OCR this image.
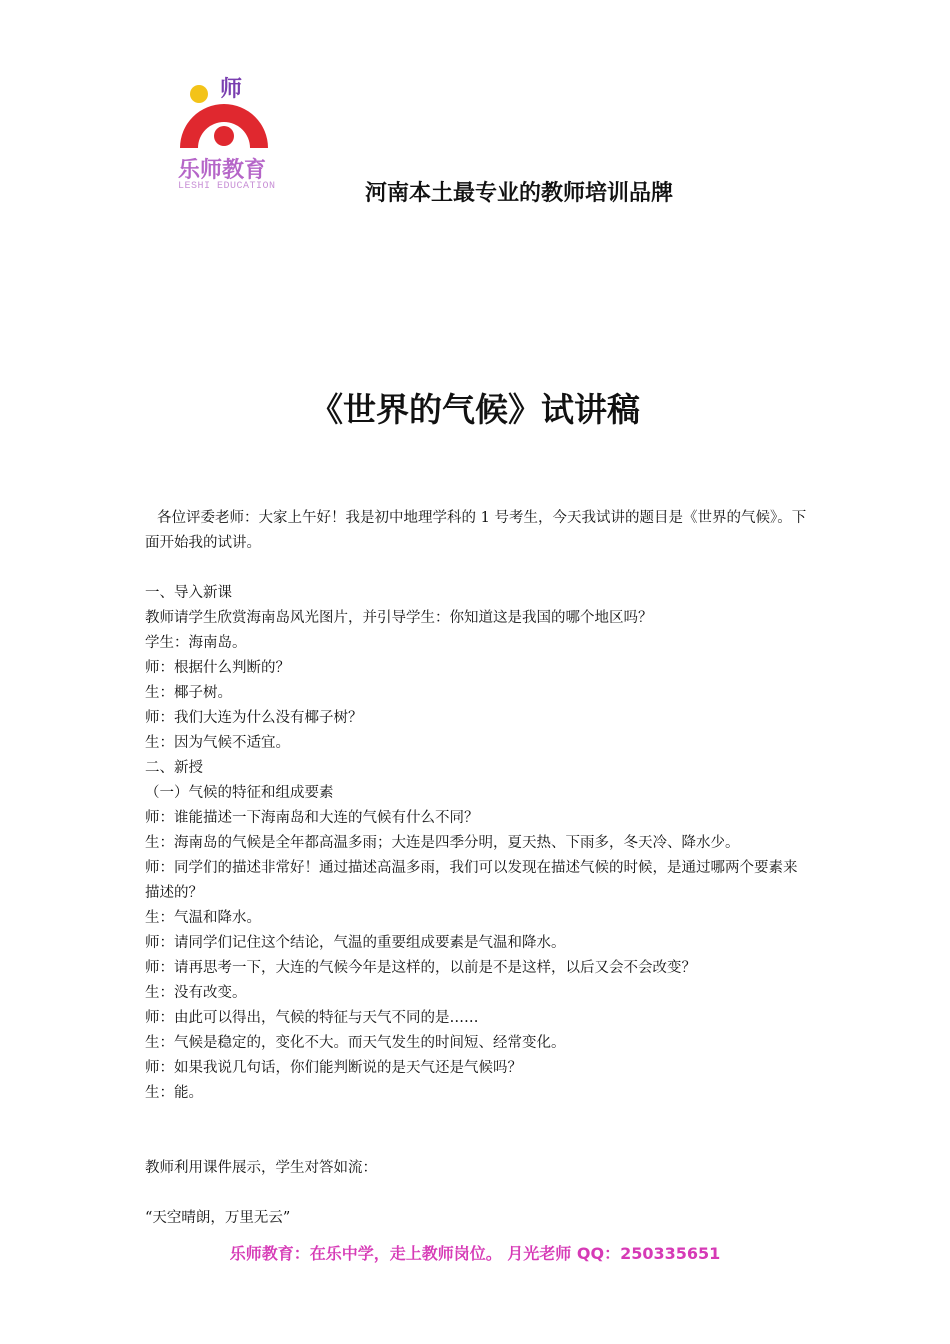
师
乐师教育
LESHI EDUCATION	河南本土最专业的教师培训品牌
《世界的气候》试讲稿

各位评委老师：大家上午好！我是初中地理学科的 1 号考生，今天我试讲的题目是《世界的气候》。下面开始我的试讲。

一、导入新课

教师请学生欣赏海南岛风光图片，并引导学生：你知道这是我国的哪个地区吗？

学生：海南岛。

师：根据什么判断的？

生：椰子树。

师：我们大连为什么没有椰子树？

生：因为气候不适宜。

二、新授

（一）气候的特征和组成要素

师：谁能描述一下海南岛和大连的气候有什么不同？

生：海南岛的气候是全年都高温多雨；大连是四季分明，夏天热、下雨多，冬天冷、降水少。

师：同学们的描述非常好！通过描述高温多雨，我们可以发现在描述气候的时候，是通过哪两个要素来描述的？

生：气温和降水。

师：请同学们记住这个结论，气温的重要组成要素是气温和降水。

师：请再思考一下，大连的气候今年是这样的，以前是不是这样，以后又会不会改变？

生：没有改变。

师：由此可以得出，气候的特征与天气不同的是……

生：气候是稳定的，变化不大。而天气发生的时间短、经常变化。

师：如果我说几句话，你们能判断说的是天气还是气候吗？

生：能。

教师利用课件展示，学生对答如流：

“天空晴朗，万里无云”

乐师教育：在乐中学，走上教师岗位。 月光老师 QQ：250335651
